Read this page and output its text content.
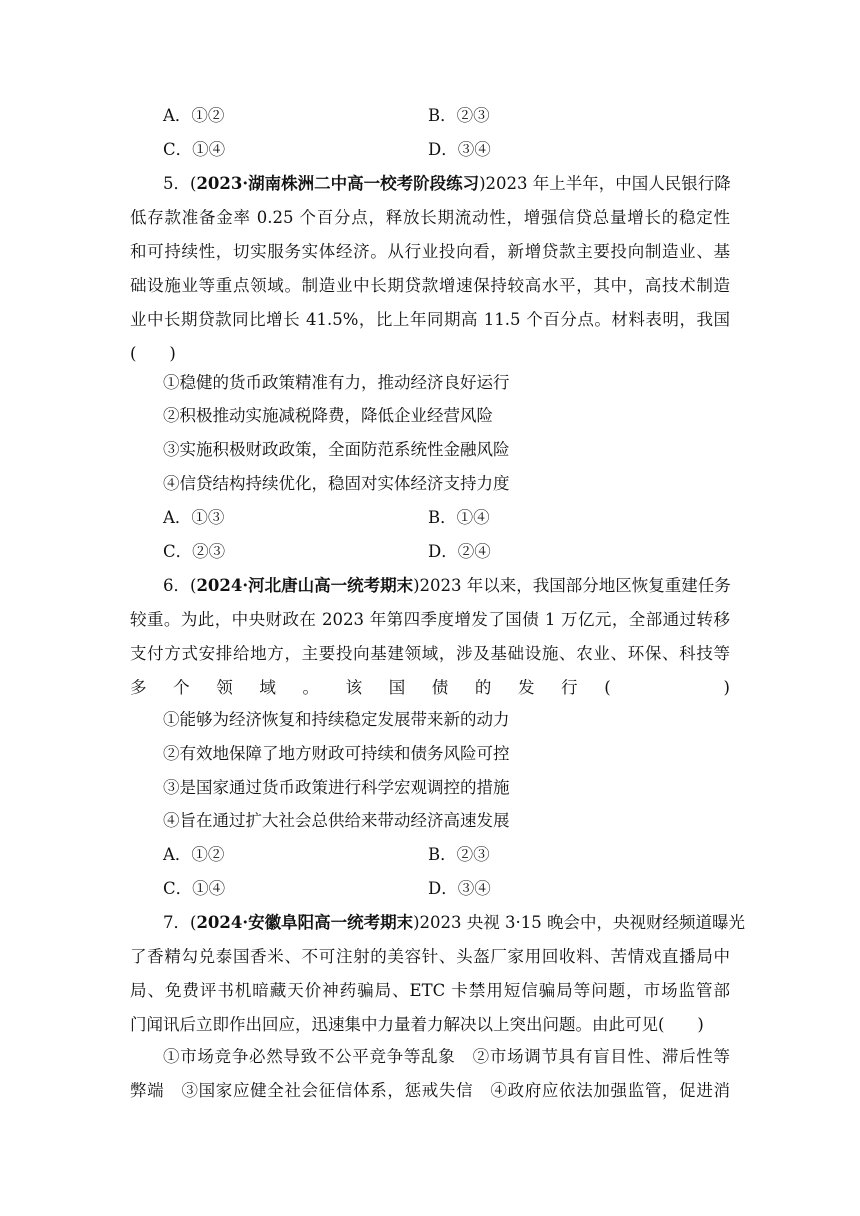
A．①②	B．②③
C．①④	D．③④
5．(2023·湖南株洲二中高一校考阶段练习)2023 年上半年，中国人民银行降
低存款准备金率 0.25 个百分点，释放长期流动性，增强信贷总量增长的稳定性
和可持续性，切实服务实体经济。从行业投向看，新增贷款主要投向制造业、基
础设施业等重点领域。制造业中长期贷款增速保持较高水平，其中，高技术制造
业中长期贷款同比增长 41.5%，比上年同期高 11.5 个百分点。材料表明，我国
(　　)
①稳健的货币政策精准有力，推动经济良好运行
②积极推动实施减税降费，降低企业经营风险
③实施积极财政政策，全面防范系统性金融风险
④信贷结构持续优化，稳固对实体经济支持力度
A．①③	B．①④
C．②③	D．②④
6．(2024·河北唐山高一统考期末)2023 年以来，我国部分地区恢复重建任务
较重。为此，中央财政在 2023 年第四季度增发了国债 1 万亿元，全部通过转移
支付方式安排给地方，主要投向基建领域，涉及基础设施、农业、环保、科技等
多个领域。该国债的发行(　　)
①能够为经济恢复和持续稳定发展带来新的动力
②有效地保障了地方财政可持续和债务风险可控
③是国家通过货币政策进行科学宏观调控的措施
④旨在通过扩大社会总供给来带动经济高速发展
A．①②	B．②③
C．①④	D．③④
7．(2024·安徽阜阳高一统考期末)2023 央视 3·15 晚会中，央视财经频道曝光
了香精勾兑泰国香米、不可注射的美容针、头盔厂家用回收料、苦情戏直播局中
局、免费评书机暗藏天价神药骗局、ETC 卡禁用短信骗局等问题，市场监管部
门闻讯后立即作出回应，迅速集中力量着力解决以上突出问题。由此可见(　　)
①市场竞争必然导致不公平竞争等乱象　②市场调节具有盲目性、滞后性等
弊端　③国家应健全社会征信体系，惩戒失信　④政府应依法加强监管，促进消
